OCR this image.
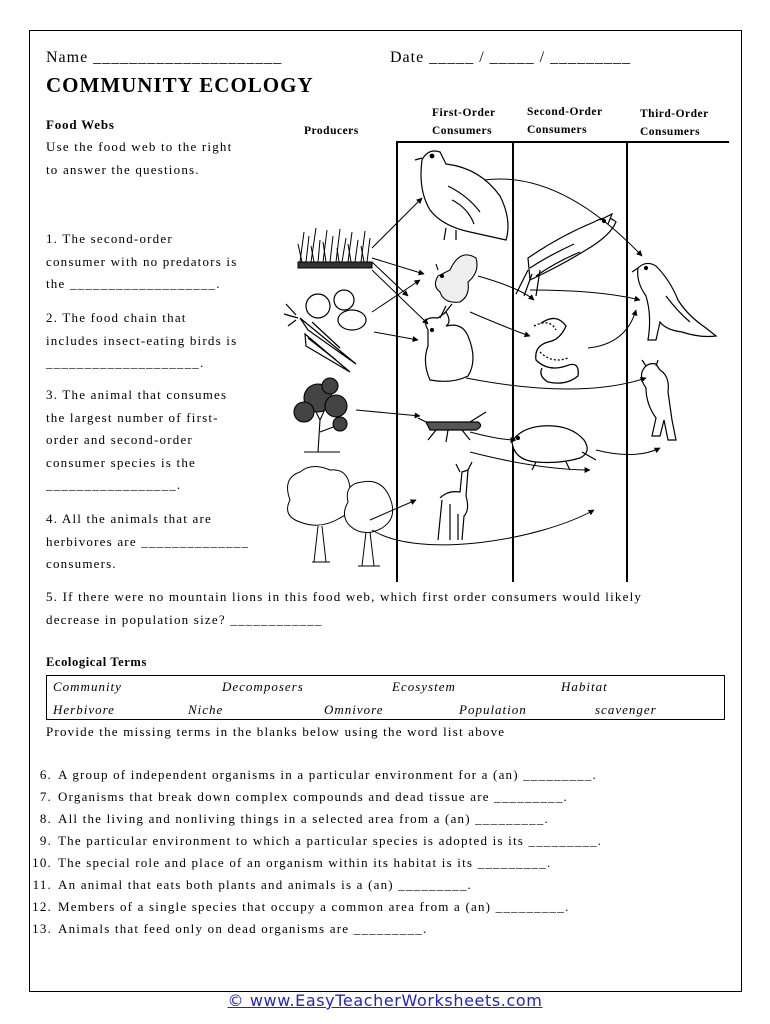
Name _____________________	Date _____ / _____ / _________
COMMUNITY ECOLOGY
Food Webs
Use the food web to the right
to answer the questions.
1. The second-order
consumer with no predators is
the ___________________.
2. The food chain that
includes insect-eating birds is
____________________.
3. The animal that consumes
the largest number of first-
order and second-order
consumer species is the
_________________.
4. All the animals that are
herbivores are ______________
consumers.
5. If there were no mountain lions in this food web, which first order consumers would likely
decrease in population size? ____________
Producers
First-Order
Consumers
Second-Order
Consumers
Third-Order
Consumers
Ecological Terms
Community	Decomposers	Ecosystem	Habitat
Herbivore	Niche	Omnivore	Population	scavenger
Provide the missing terms in the blanks below using the word list above
6. A group of independent organisms in a particular environment for a (an) _________.
7. Organisms that break down complex compounds and dead tissue are _________.
8. All the living and nonliving things in a selected area from a (an) _________.
9. The particular environment to which a particular species is adopted is its _________.
10. The special role and place of an organism within its habitat is its _________.
11. An animal that eats both plants and animals is a (an) _________.
12. Members of a single species that occupy a common area from a (an) _________.
13. Animals that feed only on dead organisms are _________.
© www.EasyTeacherWorksheets.com
